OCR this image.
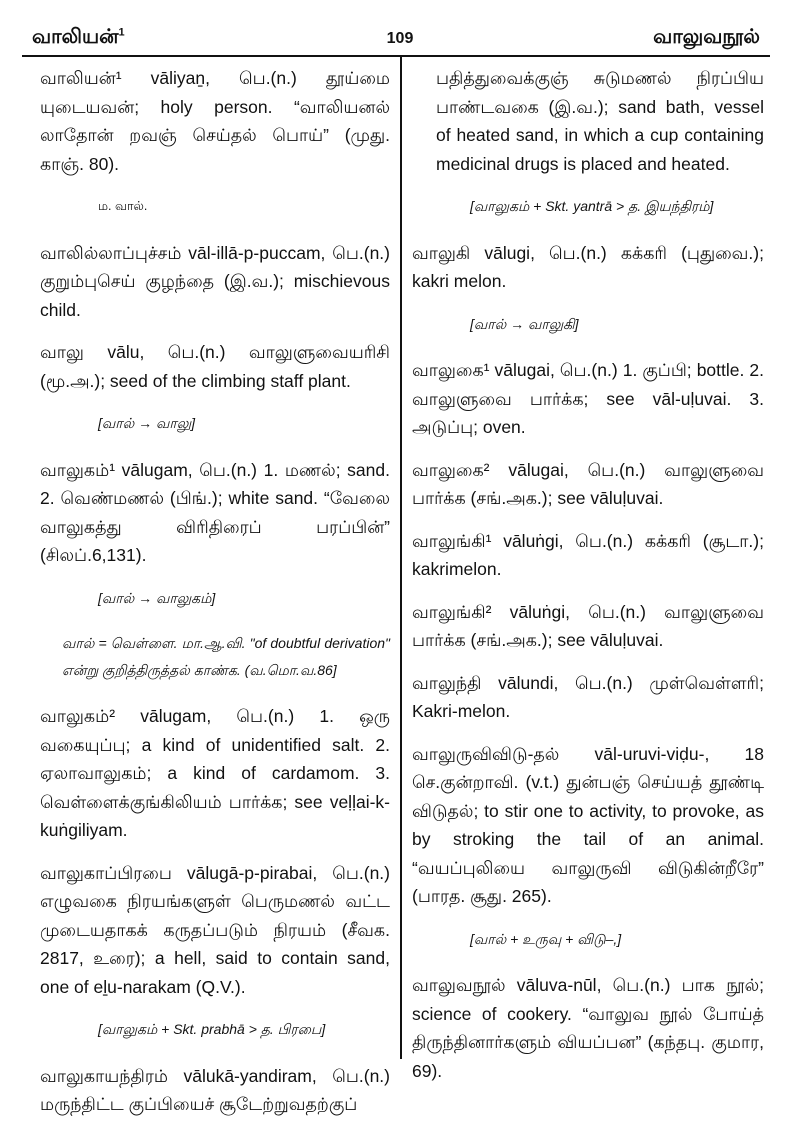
வாலியன்$^1$	109	வாலுவநூல்
வாலியன்¹ vāliyaṉ, பெ.(n.) தூய்மை யுடையவன்; holy person. “வாலியனல் லாதோன் றவஞ் செய்தல் பொய்” (முது. காஞ். 80).
ம. வால்.
வாலில்லாப்புச்சம் vāl-illā-p-puccam, பெ.(n.) குறும்புசெய் குழந்தை (இ.வ.); mischievous child.
வாலு vālu, பெ.(n.) வாலுளுவையரிசி (மூ.அ.); seed of the climbing staff plant.
[வால் → வாலு]
வாலுகம்¹ vālugam, பெ.(n.) 1. மணல்; sand. 2. வெண்மணல் (பிங்.); white sand. “வேலை வாலுகத்து விரிதிரைப் பரப்பின்” (சிலப்.6,131).
[வால் → வாலுகம்]
வால் = வெள்ளை. மா.ஆ.வி. "of doubtful derivation" என்று குறித்திருத்தல் காண்க. (வ.மொ.வ.86]
வாலுகம்² vālugam, பெ.(n.) 1. ஒரு வகையுப்பு; a kind of unidentified salt. 2. ஏலாவாலுகம்; a kind of cardamom. 3. வெள்ளைக்குங்கிலியம் பார்க்க; see veḷḷai-k-kuṅgiliyam.
வாலுகாப்பிரபை vālugā-p-pirabai, பெ.(n.) எழுவகை நிரயங்களுள் பெருமணல் வட்ட முடையதாகக் கருதப்படும் நிரயம் (சீவக. 2817, உரை); a hell, said to contain sand, one of eḻu-narakam (Q.V.).
[வாலுகம் + Skt. prabhā > த. பிரபை]
வாலுகாயந்திரம் vālukā-yandiram, பெ.(n.) மருந்திட்ட குப்பியைச் சூடேற்றுவதற்குப்
பதித்துவைக்குஞ் சுடுமணல் நிரப்பிய பாண்டவகை (இ.வ.); sand bath, vessel of heated sand, in which a cup containing medicinal drugs is placed and heated.
[வாலுகம் + Skt. yantrā > த. இயந்திரம்]
வாலுகி vālugi, பெ.(n.) கக்கரி (புதுவை.); kakri melon.
[வால் → வாலுகி]
வாலுகை¹ vālugai, பெ.(n.) 1. குப்பி; bottle. 2. வாலுளுவை பார்க்க; see vāl-uḷuvai. 3. அடுப்பு; oven.
வாலுகை² vālugai, பெ.(n.) வாலுளுவை பார்க்க (சங்.அக.); see vāluḷuvai.
வாலுங்கி¹ vāluṅgi, பெ.(n.) கக்கரி (சூடா.); kakrimelon.
வாலுங்கி² vāluṅgi, பெ.(n.) வாலுளுவை பார்க்க (சங்.அக.); see vāluḷuvai.
வாலுந்தி vālundi, பெ.(n.) முள்வெள்ளரி; Kakri-melon.
வாலுருவிவிடு-தல் vāl-uruvi-viḍu-, 18 செ.குன்றாவி. (v.t.) துன்பஞ் செய்யத் தூண்டி விடுதல்; to stir one to activity, to provoke, as by stroking the tail of an animal. “வயப்புலியை வாலுருவி விடுகின்றீரே” (பாரத. சூது. 265).
[வால் + உருவு + விடு–,]
வாலுவநூல் vāluva-nūl, பெ.(n.) பாக நூல்; science of cookery. “வாலுவ நூல் போய்த் திருந்தினார்களும் வியப்பன” (கந்தபு. குமார, 69).
